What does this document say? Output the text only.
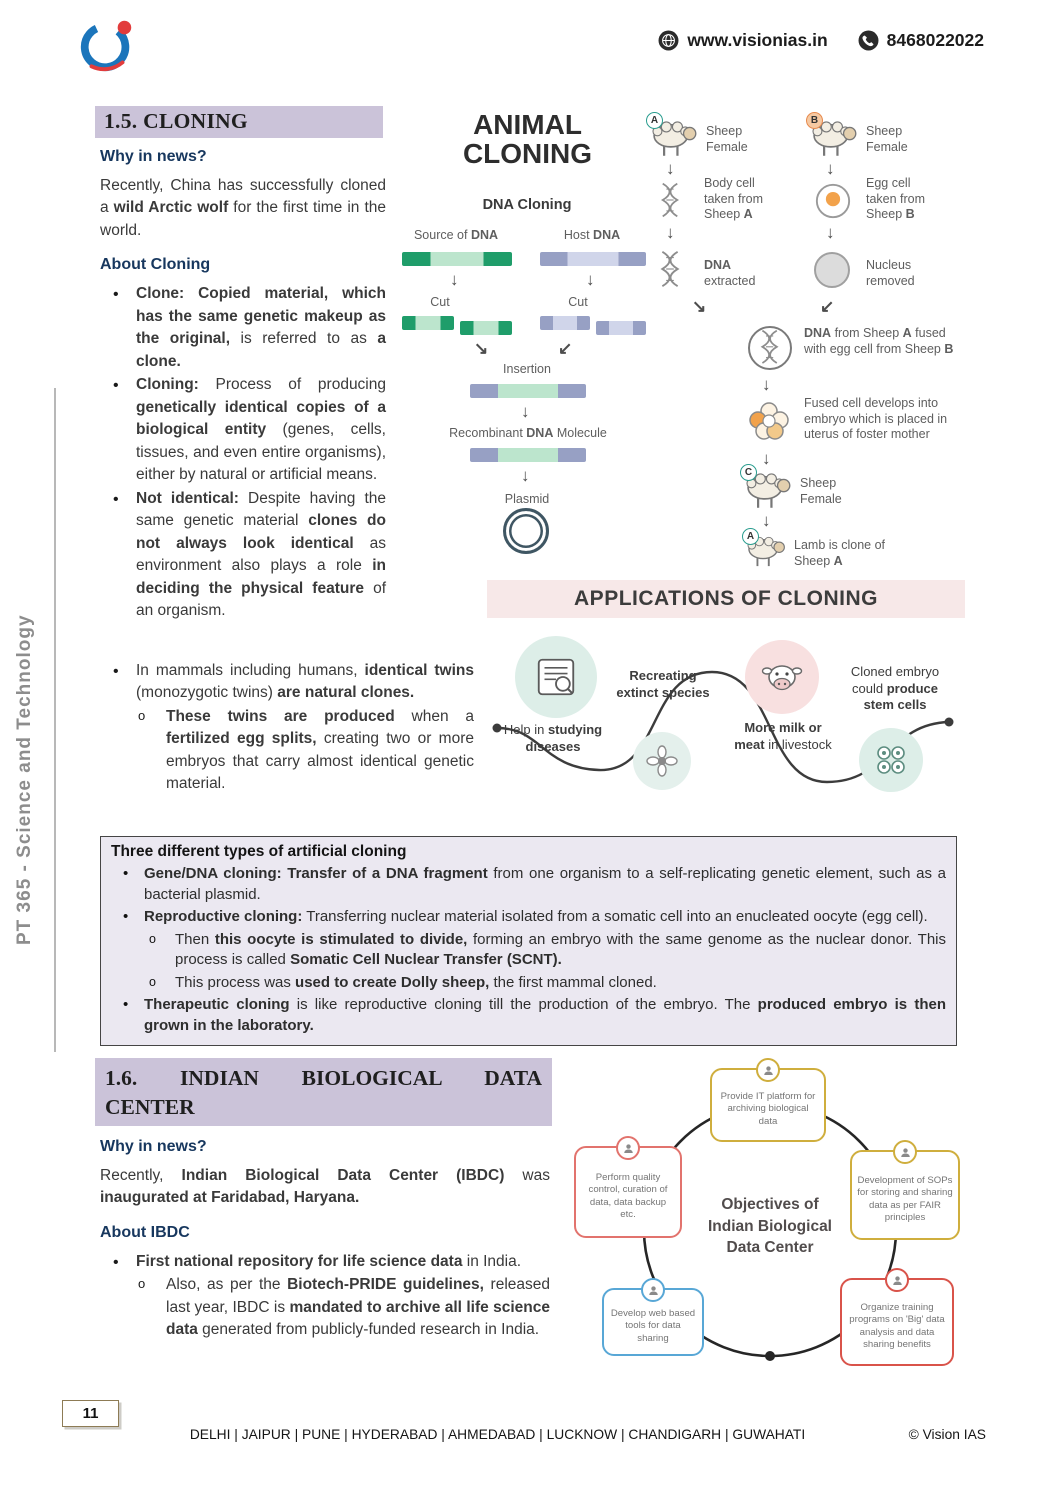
www.visionias.in	8468022022
PT 365 - Science and Technology
1.5. CLONING
Why in news?

Recently, China has successfully cloned a wild Arctic wolf for the first time in the world.

About Cloning
• Clone: Copied material, which has the same genetic makeup as the original, is referred to as a clone.
• Cloning: Process of producing genetically identical copies of a biological entity (genes, cells, tissues, and even entire organisms), either by natural or artificial means.
• Not identical: Despite having the same genetic material clones do not always look identical as environment also plays a role in deciding the physical feature of an organism.
• In mammals including humans, identical twins (monozygotic twins) are natural clones.
o These twins are produced when a fertilized egg splits, creating two or more embryos that carry almost identical genetic material.
ANIMAL
CLONING
DNA Cloning
Source of DNA	Host DNA
↓
↓
Cut	Cut
↘
↙
Insertion
↓
Recombinant DNA Molecule
↓
Plasmid
A
Sheep Female
B
Sheep Female
↓
↓
Body cell taken from Sheep A
Egg cell taken from Sheep B
↓
↓
DNA extracted
Nucleus removed
↘
↙
DNA from Sheep A fused with egg cell from Sheep B
↓
Fused cell develops into embryo which is placed in uterus of foster mother
↓
C
Sheep Female
↓
A
Lamb is clone of Sheep A
APPLICATIONS OF CLONING
Help in studying diseases
Recreating extinct species
More milk or meat in livestock
Cloned embryo could produce stem cells
Three different types of artificial cloning
• Gene/DNA cloning: Transfer of a DNA fragment from one organism to a self-replicating genetic element, such as a bacterial plasmid.
• Reproductive cloning: Transferring nuclear material isolated from a somatic cell into an enucleated oocyte (egg cell).
o Then this oocyte is stimulated to divide, forming an embryo with the same genome as the nuclear donor. This process is called Somatic Cell Nuclear Transfer (SCNT).
o This process was used to create Dolly sheep, the first mammal cloned.
• Therapeutic cloning is like reproductive cloning till the production of the embryo. The produced embryo is then grown in the laboratory.
1.6. INDIAN BIOLOGICAL DATA
CENTER
Why in news?

Recently, Indian Biological Data Center (IBDC) was inaugurated at Faridabad, Haryana.

About IBDC
• First national repository for life science data in India.
o Also, as per the Biotech-PRIDE guidelines, released last year, IBDC is mandated to archive all life science data generated from publicly-funded research in India.
Objectives of
Indian Biological
Data Center
Provide IT platform for archiving biological data
Perform quality control, curation of data, data backup etc.
Development of SOPs for storing and sharing data as per FAIR principles
Develop web based tools for data sharing
Organize training programs on 'Big' data analysis and data sharing benefits
11
DELHI | JAIPUR | PUNE | HYDERABAD | AHMEDABAD | LUCKNOW | CHANDIGARH | GUWAHATI	© Vision IAS
